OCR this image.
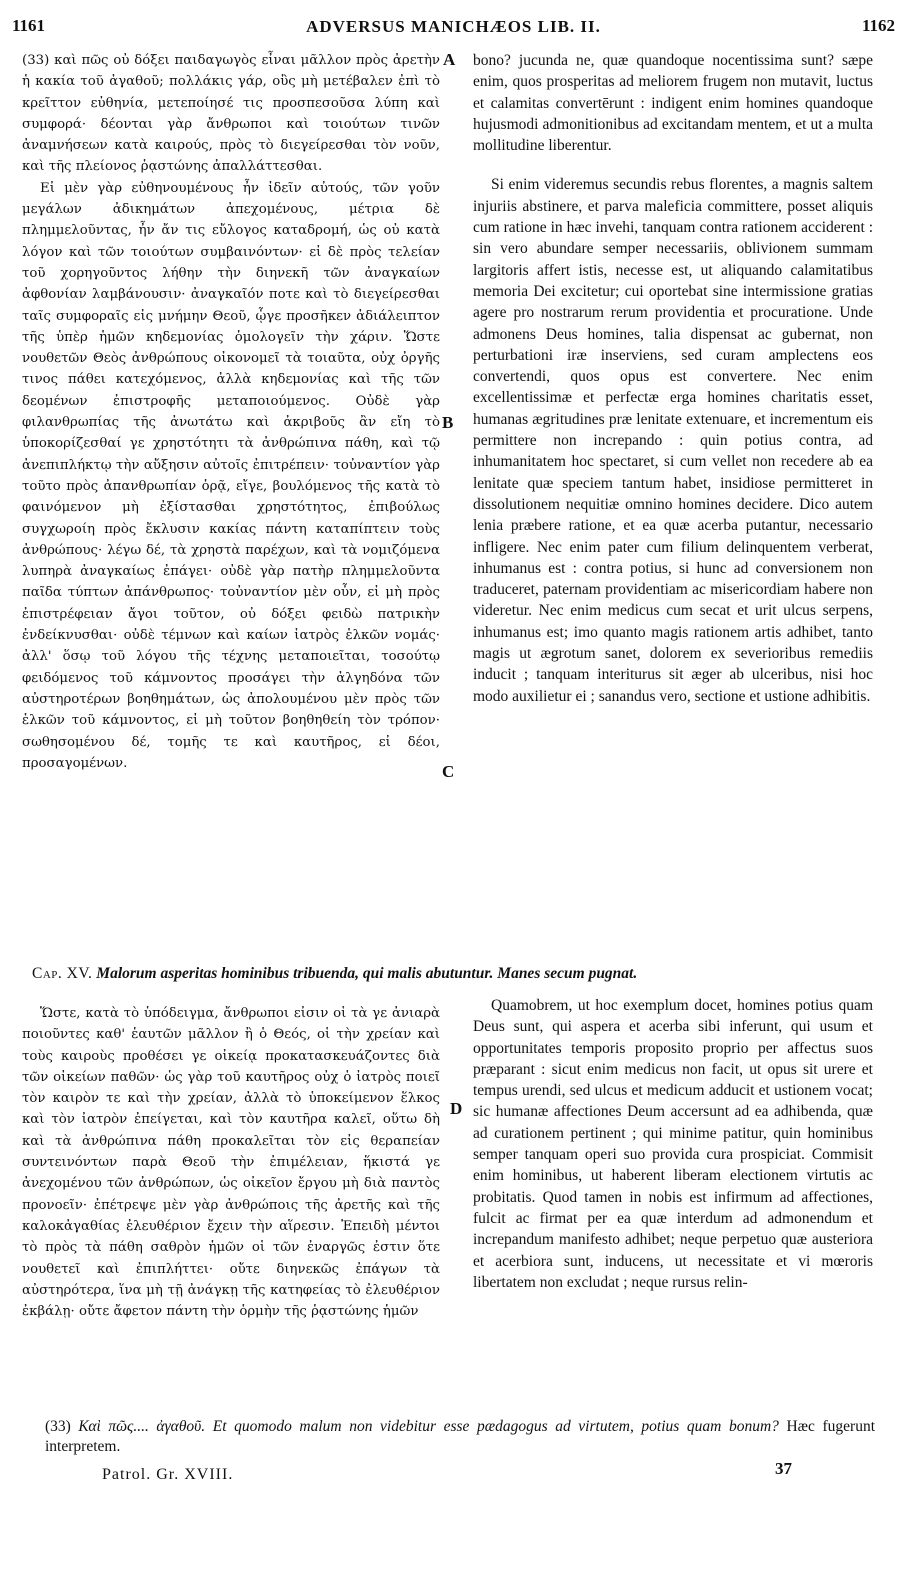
1161	ADVERSUS MANICHÆOS LIB. II.	1162

(33) καὶ πῶς οὐ δόξει παιδαγωγὸς εἶναι μᾶλλον πρὸς ἀρετὴν ἡ κακία τοῦ ἀγαθοῦ; πολλάκις γάρ, οὓς μὴ μετέβαλεν ἐπὶ τὸ κρεῖττον εὐθηνία, μετεποίησέ τις προσπεσοῦσα λύπη καὶ συμφορά· δέονται γὰρ ἄνθρωποι καὶ τοιούτων τινῶν ἀναμνήσεων κατὰ καιρούς, πρὸς τὸ διεγείρεσθαι τὸν νοῦν, καὶ τῆς πλείονος ῥᾳστώνης ἀπαλλάττεσθαι.

Εἰ μὲν γὰρ εὐθηνουμένους ἦν ἰδεῖν αὐτούς, τῶν γοῦν μεγάλων ἀδικημάτων ἀπεχομένους, μέτρια δὲ πλημμελοῦντας, ἦν ἄν τις εὔλογος καταδρομή, ὡς οὐ κατὰ λόγον καὶ τῶν τοιούτων συμβαινόντων· εἰ δὲ πρὸς τελείαν τοῦ χορηγοῦντος λήθην τὴν διηνεκῆ τῶν ἀναγκαίων ἀφθονίαν λαμβάνουσιν· ἀναγκαῖόν ποτε καὶ τὸ διεγείρεσθαι ταῖς συμφοραῖς εἰς μνήμην Θεοῦ, ᾧγε προσῆκεν ἀδιάλειπτον τῆς ὑπὲρ ἡμῶν κηδεμονίας ὁμολογεῖν τὴν χάριν. Ὥστε νουθετῶν Θεὸς ἀνθρώπους οἰκονομεῖ τὰ τοιαῦτα, οὐχ ὀργῆς τινος πάθει κατεχόμενος, ἀλλὰ κηδεμονίας καὶ τῆς τῶν δεομένων ἐπιστροφῆς μεταποιούμενος. Οὐδὲ γὰρ φιλανθρωπίας τῆς ἀνωτάτω καὶ ἀκριβοῦς ἂν εἴη τὸ ὑποκορίζεσθαί γε χρηστότητι τὰ ἀνθρώπινα πάθη, καὶ τῷ ἀνεπιπλήκτῳ τὴν αὔξησιν αὐτοῖς ἐπιτρέπειν· τοὐναντίον γὰρ τοῦτο πρὸς ἀπανθρωπίαν ὁρᾷ, εἴγε, βουλόμενος τῆς κατὰ τὸ φαινόμενον μὴ ἐξίστασθαι χρηστότητος, ἐπιβούλως συγχωροίη πρὸς ἔκλυσιν κακίας πάντη καταπίπτειν τοὺς ἀνθρώπους· λέγω δέ, τὰ χρηστὰ παρέχων, καὶ τὰ νομιζόμενα λυπηρὰ ἀναγκαίως ἐπάγει· οὐδὲ γὰρ πατὴρ πλημμελοῦντα παῖδα τύπτων ἀπάνθρωπος· τοὐναντίον μὲν οὖν, εἰ μὴ πρὸς ἐπιστρέφειαν ἄγοι τοῦτον, οὐ δόξει φειδὼ πατρικὴν ἐνδείκνυσθαι· οὐδὲ τέμνων καὶ καίων ἰατρὸς ἑλκῶν νομάς· ἀλλ' ὅσῳ τοῦ λόγου τῆς τέχνης μεταποιεῖται, τοσούτῳ φειδόμενος τοῦ κάμνοντος προσάγει τὴν ἀλγηδόνα τῶν αὐστηροτέρων βοηθημάτων, ὡς ἀπολουμένου μὲν πρὸς τῶν ἑλκῶν τοῦ κάμνοντος, εἰ μὴ τοῦτον βοηθηθείη τὸν τρόπον· σωθησομένου δέ, τομῆς τε καὶ καυτῆρος, εἰ δέοι, προσαγομένων.

A
B
C
D

bono? jucunda ne, quæ quandoque nocentissima sunt? sæpe enim, quos prosperitas ad meliorem frugem non mutavit, luctus et calamitas convertērunt : indigent enim homines quandoque hujusmodi admonitionibus ad excitandam mentem, et ut a multa mollitudine liberentur.

Si enim videremus secundis rebus florentes, a magnis saltem injuriis abstinere, et parva maleficia committere, posset aliquis cum ratione in hæc invehi, tanquam contra rationem acciderent : sin vero abundare semper necessariis, oblivionem summam largitoris affert istis, necesse est, ut aliquando calamitatibus memoria Dei excitetur; cui oportebat sine intermissione gratias agere pro nostrarum rerum providentia et procuratione. Unde admonens Deus homines, talia dispensat ac gubernat, non perturbationi iræ inserviens, sed curam amplectens eos convertendi, quos opus est convertere. Nec enim excellentissimæ et perfectæ erga homines charitatis esset, humanas ægritudines præ lenitate extenuare, et incrementum eis permittere non increpando : quin potius contra, ad inhumanitatem hoc spectaret, si cum vellet non recedere ab ea lenitate quæ speciem tantum habet, insidiose permitteret in dissolutionem nequitiæ omnino homines decidere. Dico autem lenia præbere ratione, et ea quæ acerba putantur, necessario infligere. Nec enim pater cum filium delinquentem verberat, inhumanus est : contra potius, si hunc ad conversionem non traduceret, paternam providentiam ac misericordiam habere non videretur. Nec enim medicus cum secat et urit ulcus serpens, inhumanus est; imo quanto magis rationem artis adhibet, tanto magis ut ægrotum sanet, dolorem ex severioribus remediis inducit ; tanquam interiturus sit æger ab ulceribus, nisi hoc modo auxilietur ei ; sanandus vero, sectione et ustione adhibitis.

Cap. XV. Malorum asperitas hominibus tribuenda, qui malis abutuntur. Manes secum pugnat.

Ὥστε, κατὰ τὸ ὑπόδειγμα, ἄνθρωποι εἰσιν οἱ τὰ γε ἀνιαρὰ ποιοῦντες καθ' ἑαυτῶν μᾶλλον ἢ ὁ Θεός, οἱ τὴν χρείαν καὶ τοὺς καιροὺς προθέσει γε οἰκείᾳ προκατασκευάζοντες διὰ τῶν οἰκείων παθῶν· ὡς γὰρ τοῦ καυτῆρος οὐχ ὁ ἰατρὸς ποιεῖ τὸν καιρὸν τε καὶ τὴν χρείαν, ἀλλὰ τὸ ὑποκείμενον ἕλκος καὶ τὸν ἰατρὸν ἐπείγεται, καὶ τὸν καυτῆρα καλεῖ, οὕτω δὴ καὶ τὰ ἀνθρώπινα πάθη προκαλεῖται τὸν εἰς θεραπείαν συντεινόντων παρὰ Θεοῦ τὴν ἐπιμέλειαν, ἥκιστά γε ἀνεχομένου τῶν ἀνθρώπων, ὡς οἰκεῖον ἔργου μὴ διὰ παντὸς προνοεῖν· ἐπέτρεψε μὲν γὰρ ἀνθρώποις τῆς ἀρετῆς καὶ τῆς καλοκἀγαθίας ἐλευθέριον ἔχειν τὴν αἵρεσιν. Ἐπειδὴ μέντοι τὸ πρὸς τὰ πάθη σαθρὸν ἡμῶν οἱ τῶν ἐναργῶς ἐστιν ὅτε νουθετεῖ καὶ ἐπιπλήττει· οὔτε διηνεκῶς ἐπάγων τὰ αὐστηρότερα, ἵνα μὴ τῇ ἀνάγκῃ τῆς κατηφείας τὸ ἐλευθέριον ἐκβάλῃ· οὔτε ἄφετον πάντη τὴν ὁρμὴν τῆς ῥᾳστώνης ἡμῶν

Quamobrem, ut hoc exemplum docet, homines potius quam Deus sunt, qui aspera et acerba sibi inferunt, qui usum et opportunitates temporis proposito proprio per affectus suos præparant : sicut enim medicus non facit, ut opus sit urere et tempus urendi, sed ulcus et medicum adducit et ustionem vocat; sic humanæ affectiones Deum accersunt ad ea adhibenda, quæ ad curationem pertinent ; qui minime patitur, quin hominibus semper tanquam operi suo provida cura prospiciat. Commisit enim hominibus, ut haberent liberam electionem virtutis ac probitatis. Quod tamen in nobis est infirmum ad affectiones, fulcit ac firmat per ea quæ interdum ad admonendum et increpandum manifesto adhibet; neque perpetuo quæ austeriora et acerbiora sunt, inducens, ut necessitate et vi mœroris libertatem non excludat ; neque rursus relin-

(33) Καὶ πῶς.... ἀγαθοῦ. Et quomodo malum non videbitur esse pædagogus ad virtutem, potius quam bonum? Hæc fugerunt interpretem.
Patrol. Gr. XVIII.	37
